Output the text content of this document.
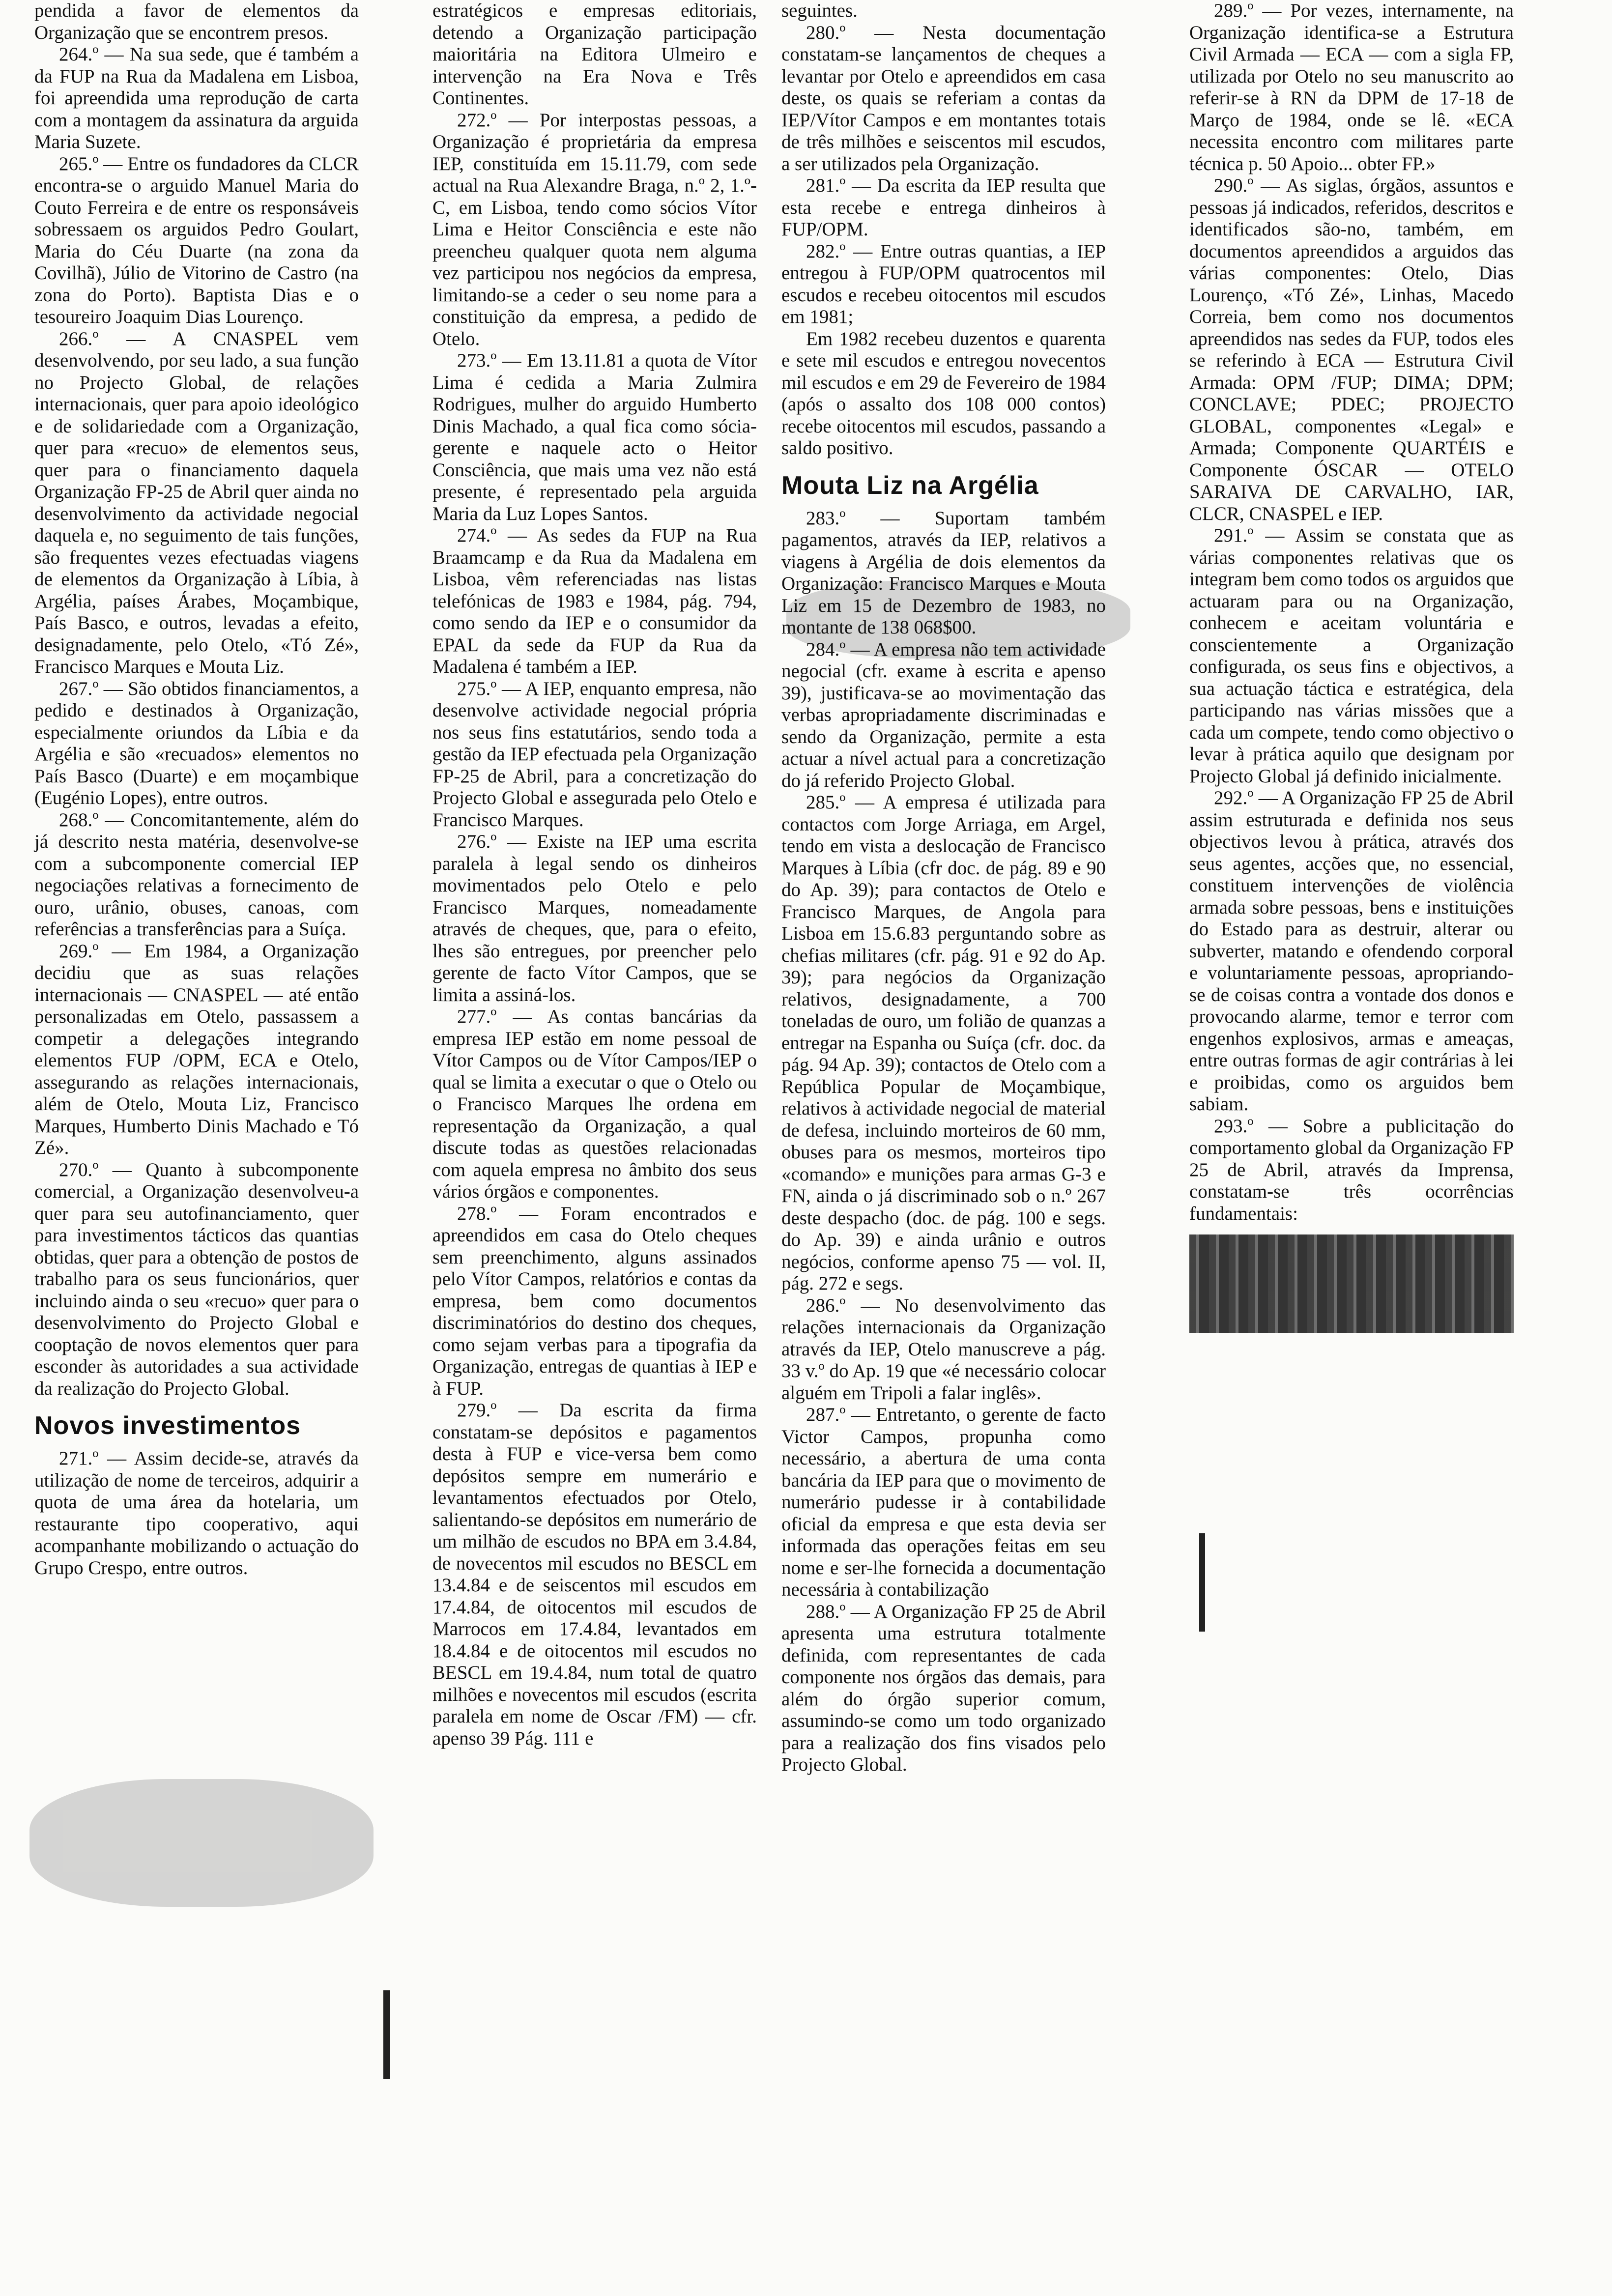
pendida a favor de elementos da Organização que se encontrem presos.

264.º — Na sua sede, que é também a da FUP na Rua da Madalena em Lisboa, foi apreendida uma reprodução de carta com a montagem da assinatura da arguida Maria Suzete.

265.º — Entre os fundadores da CLCR encontra-se o arguido Manuel Maria do Couto Ferreira e de entre os responsáveis sobressaem os arguidos Pedro Goulart, Maria do Céu Duarte (na zona da Covilhã), Júlio de Vitorino de Castro (na zona do Porto). Baptista Dias e o tesoureiro Joaquim Dias Lourenço.

266.º — A CNASPEL vem desenvolvendo, por seu lado, a sua função no Projecto Global, de relações internacionais, quer para apoio ideológico e de solidariedade com a Organização, quer para «recuo» de elementos seus, quer para o financiamento daquela Organização FP-25 de Abril quer ainda no desenvolvimento da actividade negocial daquela e, no seguimento de tais funções, são frequentes vezes efectuadas viagens de elementos da Organização à Líbia, à Argélia, países Árabes, Moçambique, País Basco, e outros, levadas a efeito, designadamente, pelo Otelo, «Tó Zé», Francisco Marques e Mouta Liz.

267.º — São obtidos financiamentos, a pedido e destinados à Organização, especialmente oriundos da Líbia e da Argélia e são «recuados» elementos no País Basco (Duarte) e em moçambique (Eugénio Lopes), entre outros.

268.º — Concomitantemente, além do já descrito nesta matéria, desenvolve-se com a subcomponente comercial IEP negociações relativas a fornecimento de ouro, urânio, obuses, canoas, com referências a transferências para a Suíça.

269.º — Em 1984, a Organização decidiu que as suas relações internacionais — CNASPEL — até então personalizadas em Otelo, passassem a competir a delegações integrando elementos FUP /OPM, ECA e Otelo, assegurando as relações internacionais, além de Otelo, Mouta Liz, Francisco Marques, Humberto Dinis Machado e Tó Zé».

270.º — Quanto à subcomponente comercial, a Organização desenvolveu-a quer para seu autofinanciamento, quer para investimentos tácticos das quantias obtidas, quer para a obtenção de postos de trabalho para os seus funcionários, quer incluindo ainda o seu «recuo» quer para o desenvolvimento do Projecto Global e cooptação de novos elementos quer para esconder às autoridades a sua actividade da realização do Projecto Global.

Novos investimentos

271.º — Assim decide-se, através da utilização de nome de terceiros, adquirir a quota de uma área da hotelaria, um restaurante tipo cooperativo, aqui acompanhante mobilizando o actuação do Grupo Crespo, entre outros.

estratégicos e empresas editoriais, detendo a Organização participação maioritária na Editora Ulmeiro e intervenção na Era Nova e Três Continentes.

272.º — Por interpostas pessoas, a Organização é proprietária da empresa IEP, constituída em 15.11.79, com sede actual na Rua Alexandre Braga, n.º 2, 1.º-C, em Lisboa, tendo como sócios Vítor Lima e Heitor Consciência e este não preencheu qualquer quota nem alguma vez participou nos negócios da empresa, limitando-se a ceder o seu nome para a constituição da empresa, a pedido de Otelo.

273.º — Em 13.11.81 a quota de Vítor Lima é cedida a Maria Zulmira Rodrigues, mulher do arguido Humberto Dinis Machado, a qual fica como sócia-gerente e naquele acto o Heitor Consciência, que mais uma vez não está presente, é representado pela arguida Maria da Luz Lopes Santos.

274.º — As sedes da FUP na Rua Braamcamp e da Rua da Madalena em Lisboa, vêm referenciadas nas listas telefónicas de 1983 e 1984, pág. 794, como sendo da IEP e o consumidor da EPAL da sede da FUP da Rua da Madalena é também a IEP.

275.º — A IEP, enquanto empresa, não desenvolve actividade negocial própria nos seus fins estatutários, sendo toda a gestão da IEP efectuada pela Organização FP-25 de Abril, para a concretização do Projecto Global e assegurada pelo Otelo e Francisco Marques.

276.º — Existe na IEP uma escrita paralela à legal sendo os dinheiros movimentados pelo Otelo e pelo Francisco Marques, nomeadamente através de cheques, que, para o efeito, lhes são entregues, por preencher pelo gerente de facto Vítor Campos, que se limita a assiná-los.

277.º — As contas bancárias da empresa IEP estão em nome pessoal de Vítor Campos ou de Vítor Campos/IEP o qual se limita a executar o que o Otelo ou o Francisco Marques lhe ordena em representação da Organização, a qual discute todas as questões relacionadas com aquela empresa no âmbito dos seus vários órgãos e componentes.

278.º — Foram encontrados e apreendidos em casa do Otelo cheques sem preenchimento, alguns assinados pelo Vítor Campos, relatórios e contas da empresa, bem como documentos discriminatórios do destino dos cheques, como sejam verbas para a tipografia da Organização, entregas de quantias à IEP e à FUP.

279.º — Da escrita da firma constatam-se depósitos e pagamentos desta à FUP e vice-versa bem como depósitos sempre em numerário e levantamentos efectuados por Otelo, salientando-se depósitos em numerário de um milhão de escudos no BPA em 3.4.84, de novecentos mil escudos no BESCL em 13.4.84 e de seiscentos mil escudos em 17.4.84, de oitocentos mil escudos de Marrocos em 17.4.84, levantados em 18.4.84 e de oitocentos mil escudos no BESCL em 19.4.84, num total de quatro milhões e novecentos mil escudos (escrita paralela em nome de Oscar /FM) — cfr. apenso 39 Pág. 111 e

seguintes.

280.º — Nesta documentação constatam-se lançamentos de cheques a levantar por Otelo e apreendidos em casa deste, os quais se referiam a contas da IEP/Vítor Campos e em montantes totais de três milhões e seiscentos mil escudos, a ser utilizados pela Organização.

281.º — Da escrita da IEP resulta que esta recebe e entrega dinheiros à FUP/OPM.

282.º — Entre outras quantias, a IEP entregou à FUP/OPM quatrocentos mil escudos e recebeu oitocentos mil escudos em 1981;

Em 1982 recebeu duzentos e quarenta e sete mil escudos e entregou novecentos mil escudos e em 29 de Fevereiro de 1984 (após o assalto dos 108 000 contos) recebe oitocentos mil escudos, passando a saldo positivo.

Mouta Liz na Argélia

283.º — Suportam também pagamentos, através da IEP, relativos a viagens à Argélia de dois elementos da Organização: Francisco Marques e Mouta Liz em 15 de Dezembro de 1983, no montante de 138 068$00.

284.º — A empresa não tem actividade negocial (cfr. exame à escrita e apenso 39), justificava-se ao movimentação das verbas apropriadamente discriminadas e sendo da Organização, permite a esta actuar a nível actual para a concretização do já referido Projecto Global.

285.º — A empresa é utilizada para contactos com Jorge Arriaga, em Argel, tendo em vista a deslocação de Francisco Marques à Líbia (cfr doc. de pág. 89 e 90 do Ap. 39); para contactos de Otelo e Francisco Marques, de Angola para Lisboa em 15.6.83 perguntando sobre as chefias militares (cfr. pág. 91 e 92 do Ap. 39); para negócios da Organização relativos, designadamente, a 700 toneladas de ouro, um folião de quanzas a entregar na Espanha ou Suíça (cfr. doc. da pág. 94 Ap. 39); contactos de Otelo com a República Popular de Moçambique, relativos à actividade negocial de material de defesa, incluindo morteiros de 60 mm, obuses para os mesmos, morteiros tipo «comando» e munições para armas G-3 e FN, ainda o já discriminado sob o n.º 267 deste despacho (doc. de pág. 100 e segs. do Ap. 39) e ainda urânio e outros negócios, conforme apenso 75 — vol. II, pág. 272 e segs.

286.º — No desenvolvimento das relações internacionais da Organização através da IEP, Otelo manuscreve a pág. 33 v.º do Ap. 19 que «é necessário colocar alguém em Tripoli a falar inglês».

287.º — Entretanto, o gerente de facto Victor Campos, propunha como necessário, a abertura de uma conta bancária da IEP para que o movimento de numerário pudesse ir à contabilidade oficial da empresa e que esta devia ser informada das operações feitas em seu nome e ser-lhe fornecida a documentação necessária à contabilização

288.º — A Organização FP 25 de Abril apresenta uma estrutura totalmente definida, com representantes de cada componente nos órgãos das demais, para além do órgão superior comum, assumindo-se como um todo organizado para a realização dos fins visados pelo Projecto Global.

289.º — Por vezes, internamente, na Organização identifica-se a Estrutura Civil Armada — ECA — com a sigla FP, utilizada por Otelo no seu manuscrito ao referir-se à RN da DPM de 17-18 de Março de 1984, onde se lê. «ECA necessita encontro com militares parte técnica p. 50 Apoio... obter FP.»

290.º — As siglas, órgãos, assuntos e pessoas já indicados, referidos, descritos e identificados são-no, também, em documentos apreendidos a arguidos das várias componentes: Otelo, Dias Lourenço, «Tó Zé», Linhas, Macedo Correia, bem como nos documentos apreendidos nas sedes da FUP, todos eles se referindo à ECA — Estrutura Civil Armada: OPM /FUP; DIMA; DPM; CONCLAVE; PDEC; PROJECTO GLOBAL, componentes «Legal» e Armada; Componente QUARTÉIS e Componente ÓSCAR — OTELO SARAIVA DE CARVALHO, IAR, CLCR, CNASPEL e IEP.

291.º — Assim se constata que as várias componentes relativas que os integram bem como todos os arguidos que actuaram para ou na Organização, conhecem e aceitam voluntária e conscientemente a Organização configurada, os seus fins e objectivos, a sua actuação táctica e estratégica, dela participando nas várias missões que a cada um compete, tendo como objectivo o levar à prática aquilo que designam por Projecto Global já definido inicialmente.

292.º — A Organização FP 25 de Abril assim estruturada e definida nos seus objectivos levou à prática, através dos seus agentes, acções que, no essencial, constituem intervenções de violência armada sobre pessoas, bens e instituições do Estado para as destruir, alterar ou subverter, matando e ofendendo corporal e voluntariamente pessoas, apropriando-se de coisas contra a vontade dos donos e provocando alarme, temor e terror com engenhos explosivos, armas e ameaças, entre outras formas de agir contrárias à lei e proibidas, como os arguidos bem sabiam.

293.º — Sobre a publicitação do comportamento global da Organização FP 25 de Abril, através da Imprensa, constatam-se três ocorrências fundamentais:
